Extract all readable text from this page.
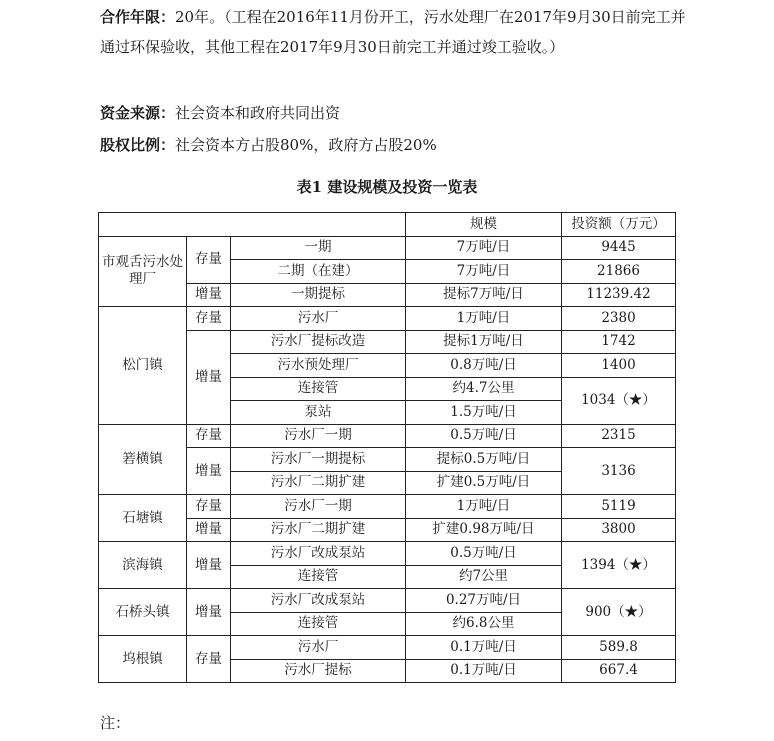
合作年限：20年。（工程在2016年11月份开工，污水处理厂在2017年9月30日前完工并通过环保验收，其他工程在2017年9月30日前完工并通过竣工验收。）
资金来源：社会资本和政府共同出资
股权比例：社会资本方占股80%，政府方占股20%
表1 建设规模及投资一览表
			规模	投资额（万元）
市观舌污水处理厂	存量	一期	7万吨/日	9445
		二期（在建）	7万吨/日	21866
	增量	一期提标	提标7万吨/日	11239.42
松门镇	存量	污水厂	1万吨/日	2380
	增量	污水厂提标改造	提标1万吨/日	1742
		污水预处理厂	0.8万吨/日	1400
		连接管	约4.7公里	1034（★）
		泵站	1.5万吨/日	
箬横镇	存量	污水厂一期	0.5万吨/日	2315
	增量	污水厂一期提标	提标0.5万吨/日	3136
		污水厂二期扩建	扩建0.5万吨/日	
石塘镇	存量	污水厂一期	1万吨/日	5119
	增量	污水厂二期扩建	扩建0.98万吨/日	3800
滨海镇	增量	污水厂改成泵站	0.5万吨/日	1394（★）
		连接管	约7公里	
石桥头镇	增量	污水厂改成泵站	0.27万吨/日	900（★）
		连接管	约6.8公里	
坞根镇	存量	污水厂	0.1万吨/日	589.8
		污水厂提标	0.1万吨/日	667.4
注：
